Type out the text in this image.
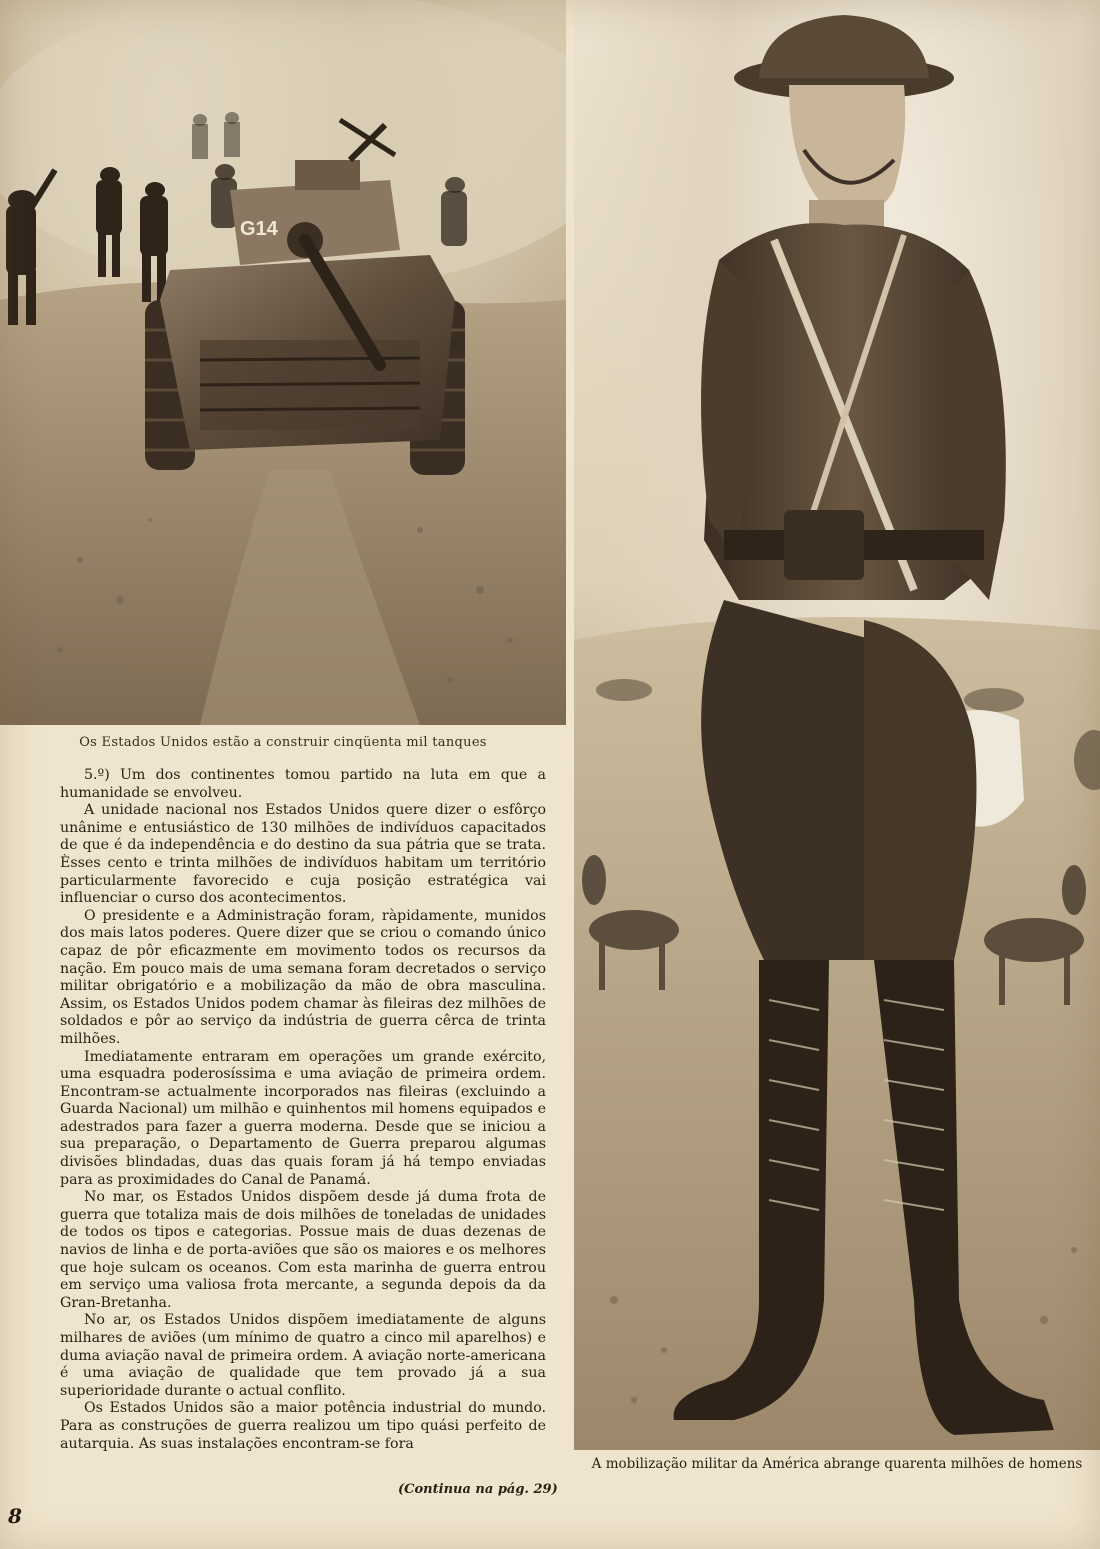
G14
Os Estados Unidos estão a construir cinqüenta mil tanques

5.º) Um dos continentes tomou partido na luta em que a humanidade se envolveu.

A unidade nacional nos Estados Unidos quere dizer o esfôrço unânime e entusiástico de 130 milhões de indivíduos capacitados de que é da independência e do destino da sua pátria que se trata. Èsses cento e trinta milhões de indivíduos habitam um território particularmente favorecido e cuja posição estratégica vai influenciar o curso dos acontecimentos.

O presidente e a Administração foram, ràpidamente, munidos dos mais latos poderes. Quere dizer que se criou o comando único capaz de pôr eficazmente em movimento todos os recursos da nação. Em pouco mais de uma semana foram decretados o serviço militar obrigatório e a mobilização da mão de obra masculina. Assim, os Estados Unidos podem chamar às fileiras dez milhões de soldados e pôr ao serviço da indústria de guerra cêrca de trinta milhões.

Imediatamente entraram em operações um grande exército, uma esquadra poderosíssima e uma aviação de primeira ordem. Encontram-se actualmente incorporados nas fileiras (excluindo a Guarda Nacional) um milhão e quinhentos mil homens equipados e adestrados para fazer a guerra moderna. Desde que se iniciou a sua preparação, o Departamento de Guerra preparou algumas divisões blindadas, duas das quais foram já há tempo enviadas para as proximidades do Canal de Panamá.

No mar, os Estados Unidos dispõem desde já duma frota de guerra que totaliza mais de dois milhões de toneladas de unidades de todos os tipos e categorias. Possue mais de duas dezenas de navios de linha e de porta-aviões que são os maiores e os melhores que hoje sulcam os oceanos. Com esta marinha de guerra entrou em serviço uma valiosa frota mercante, a segunda depois da da Gran-Bretanha.

No ar, os Estados Unidos dispõem imediatamente de alguns milhares de aviões (um mínimo de quatro a cinco mil aparelhos) e duma aviação naval de primeira ordem. A aviação norte-americana é uma aviação de qualidade que tem provado já a sua superioridade durante o actual conflito.

Os Estados Unidos são a maior potência industrial do mundo. Para as construções de guerra realizou um tipo quási perfeito de autarquia. As suas instalações encontram-se fora

(Continua na pág. 29)
A mobilização militar da América abrange quarenta milhões de homens
8
